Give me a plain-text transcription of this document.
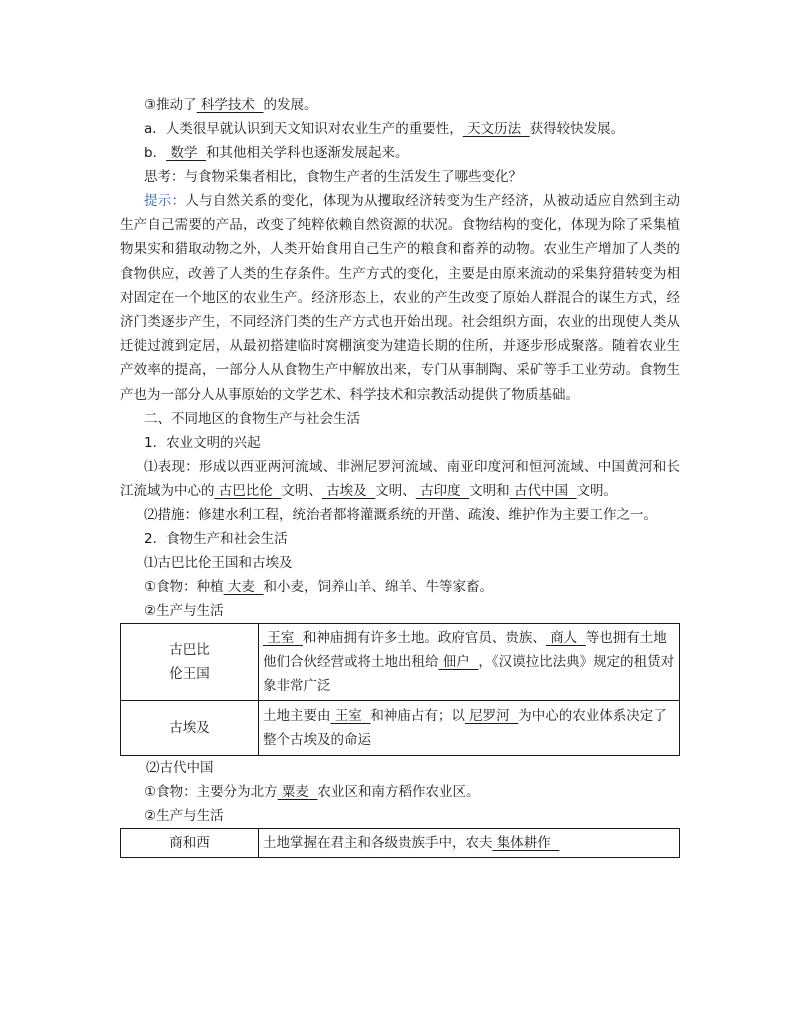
③推动了 科学技术 的发展。
a．人类很早就认识到天文知识对农业生产的重要性， 天文历法 获得较快发展。
b． 数学 和其他相关学科也逐渐发展起来。
思考：与食物采集者相比，食物生产者的生活发生了哪些变化？

提示：人与自然关系的变化，体现为从攫取经济转变为生产经济，从被动适应自然到主动生产自己需要的产品，改变了纯粹依赖自然资源的状况。食物结构的变化，体现为除了采集植物果实和猎取动物之外，人类开始食用自己生产的粮食和畜养的动物。农业生产增加了人类的食物供应，改善了人类的生存条件。生产方式的变化，主要是由原来流动的采集狩猎转变为相对固定在一个地区的农业生产。经济形态上，农业的产生改变了原始人群混合的谋生方式，经济门类逐步产生，不同经济门类的生产方式也开始出现。社会组织方面，农业的出现使人类从迁徙过渡到定居，从最初搭建临时窝棚演变为建造长期的住所，并逐步形成聚落。随着农业生产效率的提高，一部分人从食物生产中解放出来，专门从事制陶、采矿等手工业劳动。食物生产也为一部分人从事原始的文学艺术、科学技术和宗教活动提供了物质基础。

二、不同地区的食物生产与社会生活
1．农业文明的兴起

⑴表现：形成以西亚两河流域、非洲尼罗河流域、南亚印度河和恒河流域、中国黄河和长江流域为中心的 古巴比伦 文明、 古埃及 文明、 古印度 文明和 古代中国 文明。

⑵措施：修建水利工程，统治者都将灌溉系统的开凿、疏浚、维护作为主要工作之一。
2．食物生产和社会生活
⑴古巴比伦王国和古埃及
①食物：种植 大麦 和小麦，饲养山羊、绵羊、牛等家畜。
②生产与生活
古巴比
伦王国	王室 和神庙拥有许多土地。政府官员、贵族、 商人 等也拥有土地他们合伙经营或将土地出租给 佃户 ，《汉谟拉比法典》规定的租赁对象非常广泛
古埃及	土地主要由 王室 和神庙占有；以 尼罗河 为中心的农业体系决定了整个古埃及的命运
⑵古代中国
①食物：主要分为北方 粟麦 农业区和南方稻作农业区。
②生产与生活
商和西	土地掌握在君主和各级贵族手中，农夫 集体耕作
